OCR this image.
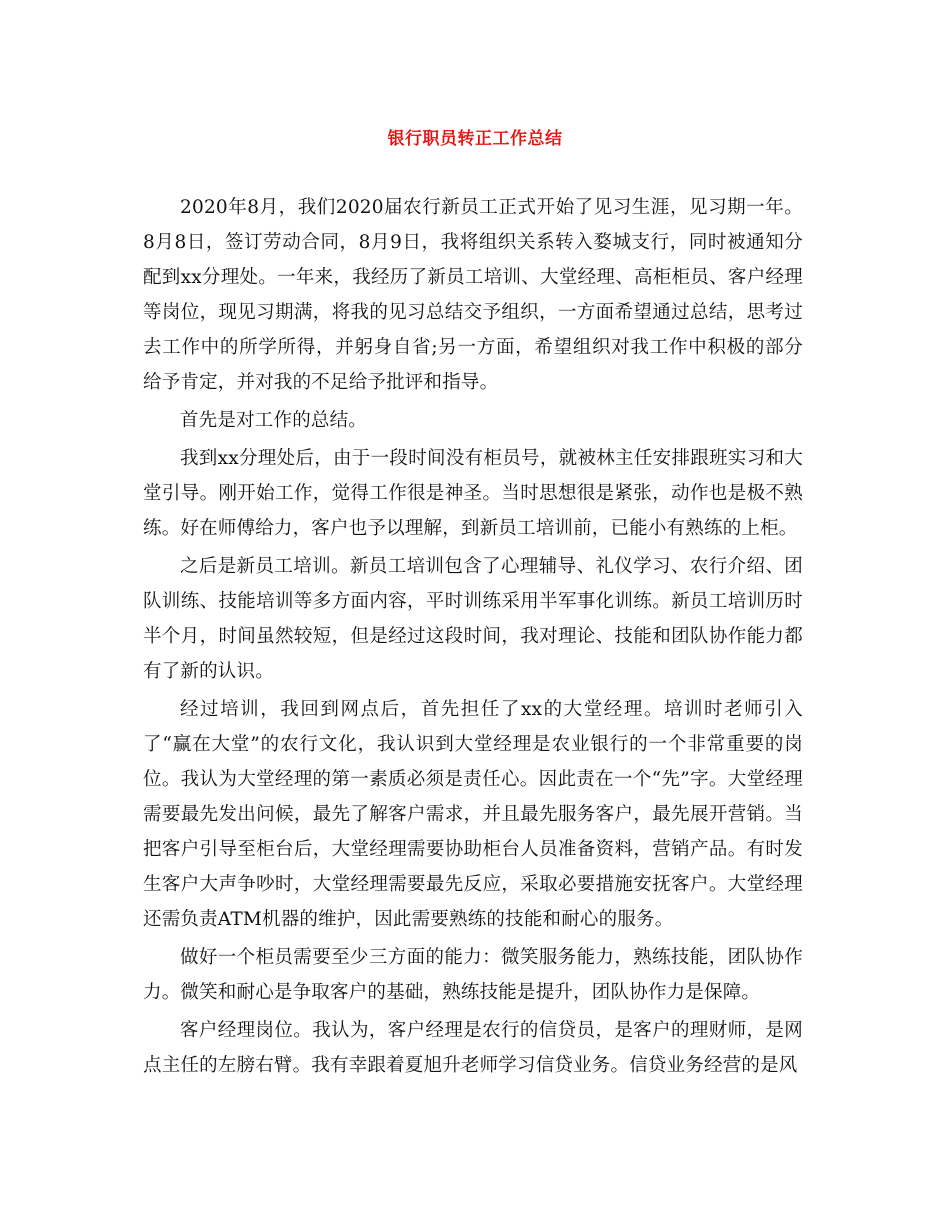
银行职员转正工作总结

2020年8月，我们2020届农行新员工正式开始了见习生涯，见习期一年。8月8日，签订劳动合同，8月9日，我将组织关系转入婺城支行，同时被通知分配到xx分理处。一年来，我经历了新员工培训、大堂经理、高柜柜员、客户经理等岗位，现见习期满，将我的见习总结交予组织，一方面希望通过总结，思考过去工作中的所学所得，并躬身自省;另一方面，希望组织对我工作中积极的部分给予肯定，并对我的不足给予批评和指导。

首先是对工作的总结。

我到xx分理处后，由于一段时间没有柜员号，就被林主任安排跟班实习和大堂引导。刚开始工作，觉得工作很是神圣。当时思想很是紧张，动作也是极不熟练。好在师傅给力，客户也予以理解，到新员工培训前，已能小有熟练的上柜。

之后是新员工培训。新员工培训包含了心理辅导、礼仪学习、农行介绍、团队训练、技能培训等多方面内容，平时训练采用半军事化训练。新员工培训历时半个月，时间虽然较短，但是经过这段时间，我对理论、技能和团队协作能力都有了新的认识。

经过培训，我回到网点后，首先担任了xx的大堂经理。培训时老师引入了“赢在大堂”的农行文化，我认识到大堂经理是农业银行的一个非常重要的岗位。我认为大堂经理的第一素质必须是责任心。因此责在一个“先”字。大堂经理需要最先发出问候，最先了解客户需求，并且最先服务客户，最先展开营销。当把客户引导至柜台后，大堂经理需要协助柜台人员准备资料，营销产品。有时发生客户大声争吵时，大堂经理需要最先反应，采取必要措施安抚客户。大堂经理还需负责ATM机器的维护，因此需要熟练的技能和耐心的服务。

做好一个柜员需要至少三方面的能力：微笑服务能力，熟练技能，团队协作力。微笑和耐心是争取客户的基础，熟练技能是提升，团队协作力是保障。

客户经理岗位。我认为，客户经理是农行的信贷员，是客户的理财师，是网点主任的左膀右臂。我有幸跟着夏旭升老师学习信贷业务。信贷业务经营的是风
